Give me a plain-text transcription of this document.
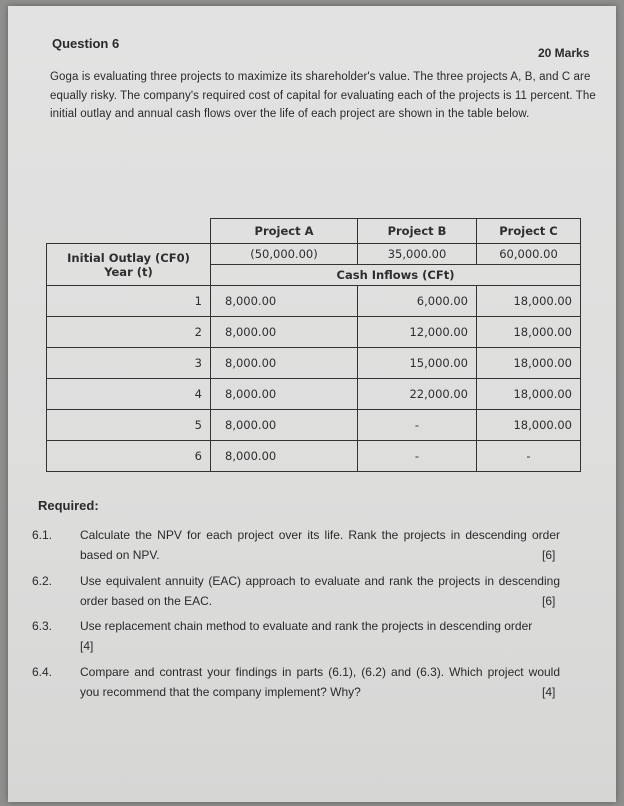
Question 6
20 Marks
Goga is evaluating three projects to maximize its shareholder's value. The three projects A, B, and C are equally risky. The company's required cost of capital for evaluating each of the projects is 11 percent. The initial outlay and annual cash flows over the life of each project are shown in the table below.
	Project A	Project B	Project C

Initial Outlay (CF0)
Year (t)	(50,000.00)	35,000.00	60,000.00
	Cash Inflows (CFt)		
1	8,000.00	6,000.00	18,000.00
2	8,000.00	12,000.00	18,000.00
3	8,000.00	15,000.00	18,000.00
4	8,000.00	22,000.00	18,000.00
5	8,000.00	-	18,000.00
6	8,000.00	-	-
Required:
6.1. Calculate the NPV for each project over its life. Rank the projects in descending order based on NPV.	[6]
6.2. Use equivalent annuity (EAC) approach to evaluate and rank the projects in descending order based on the EAC.	[6]
6.3. Use replacement chain method to evaluate and rank the projects in descending order
[4]
6.4. Compare and contrast your findings in parts (6.1), (6.2) and (6.3). Which project would you recommend that the company implement? Why?	[4]
